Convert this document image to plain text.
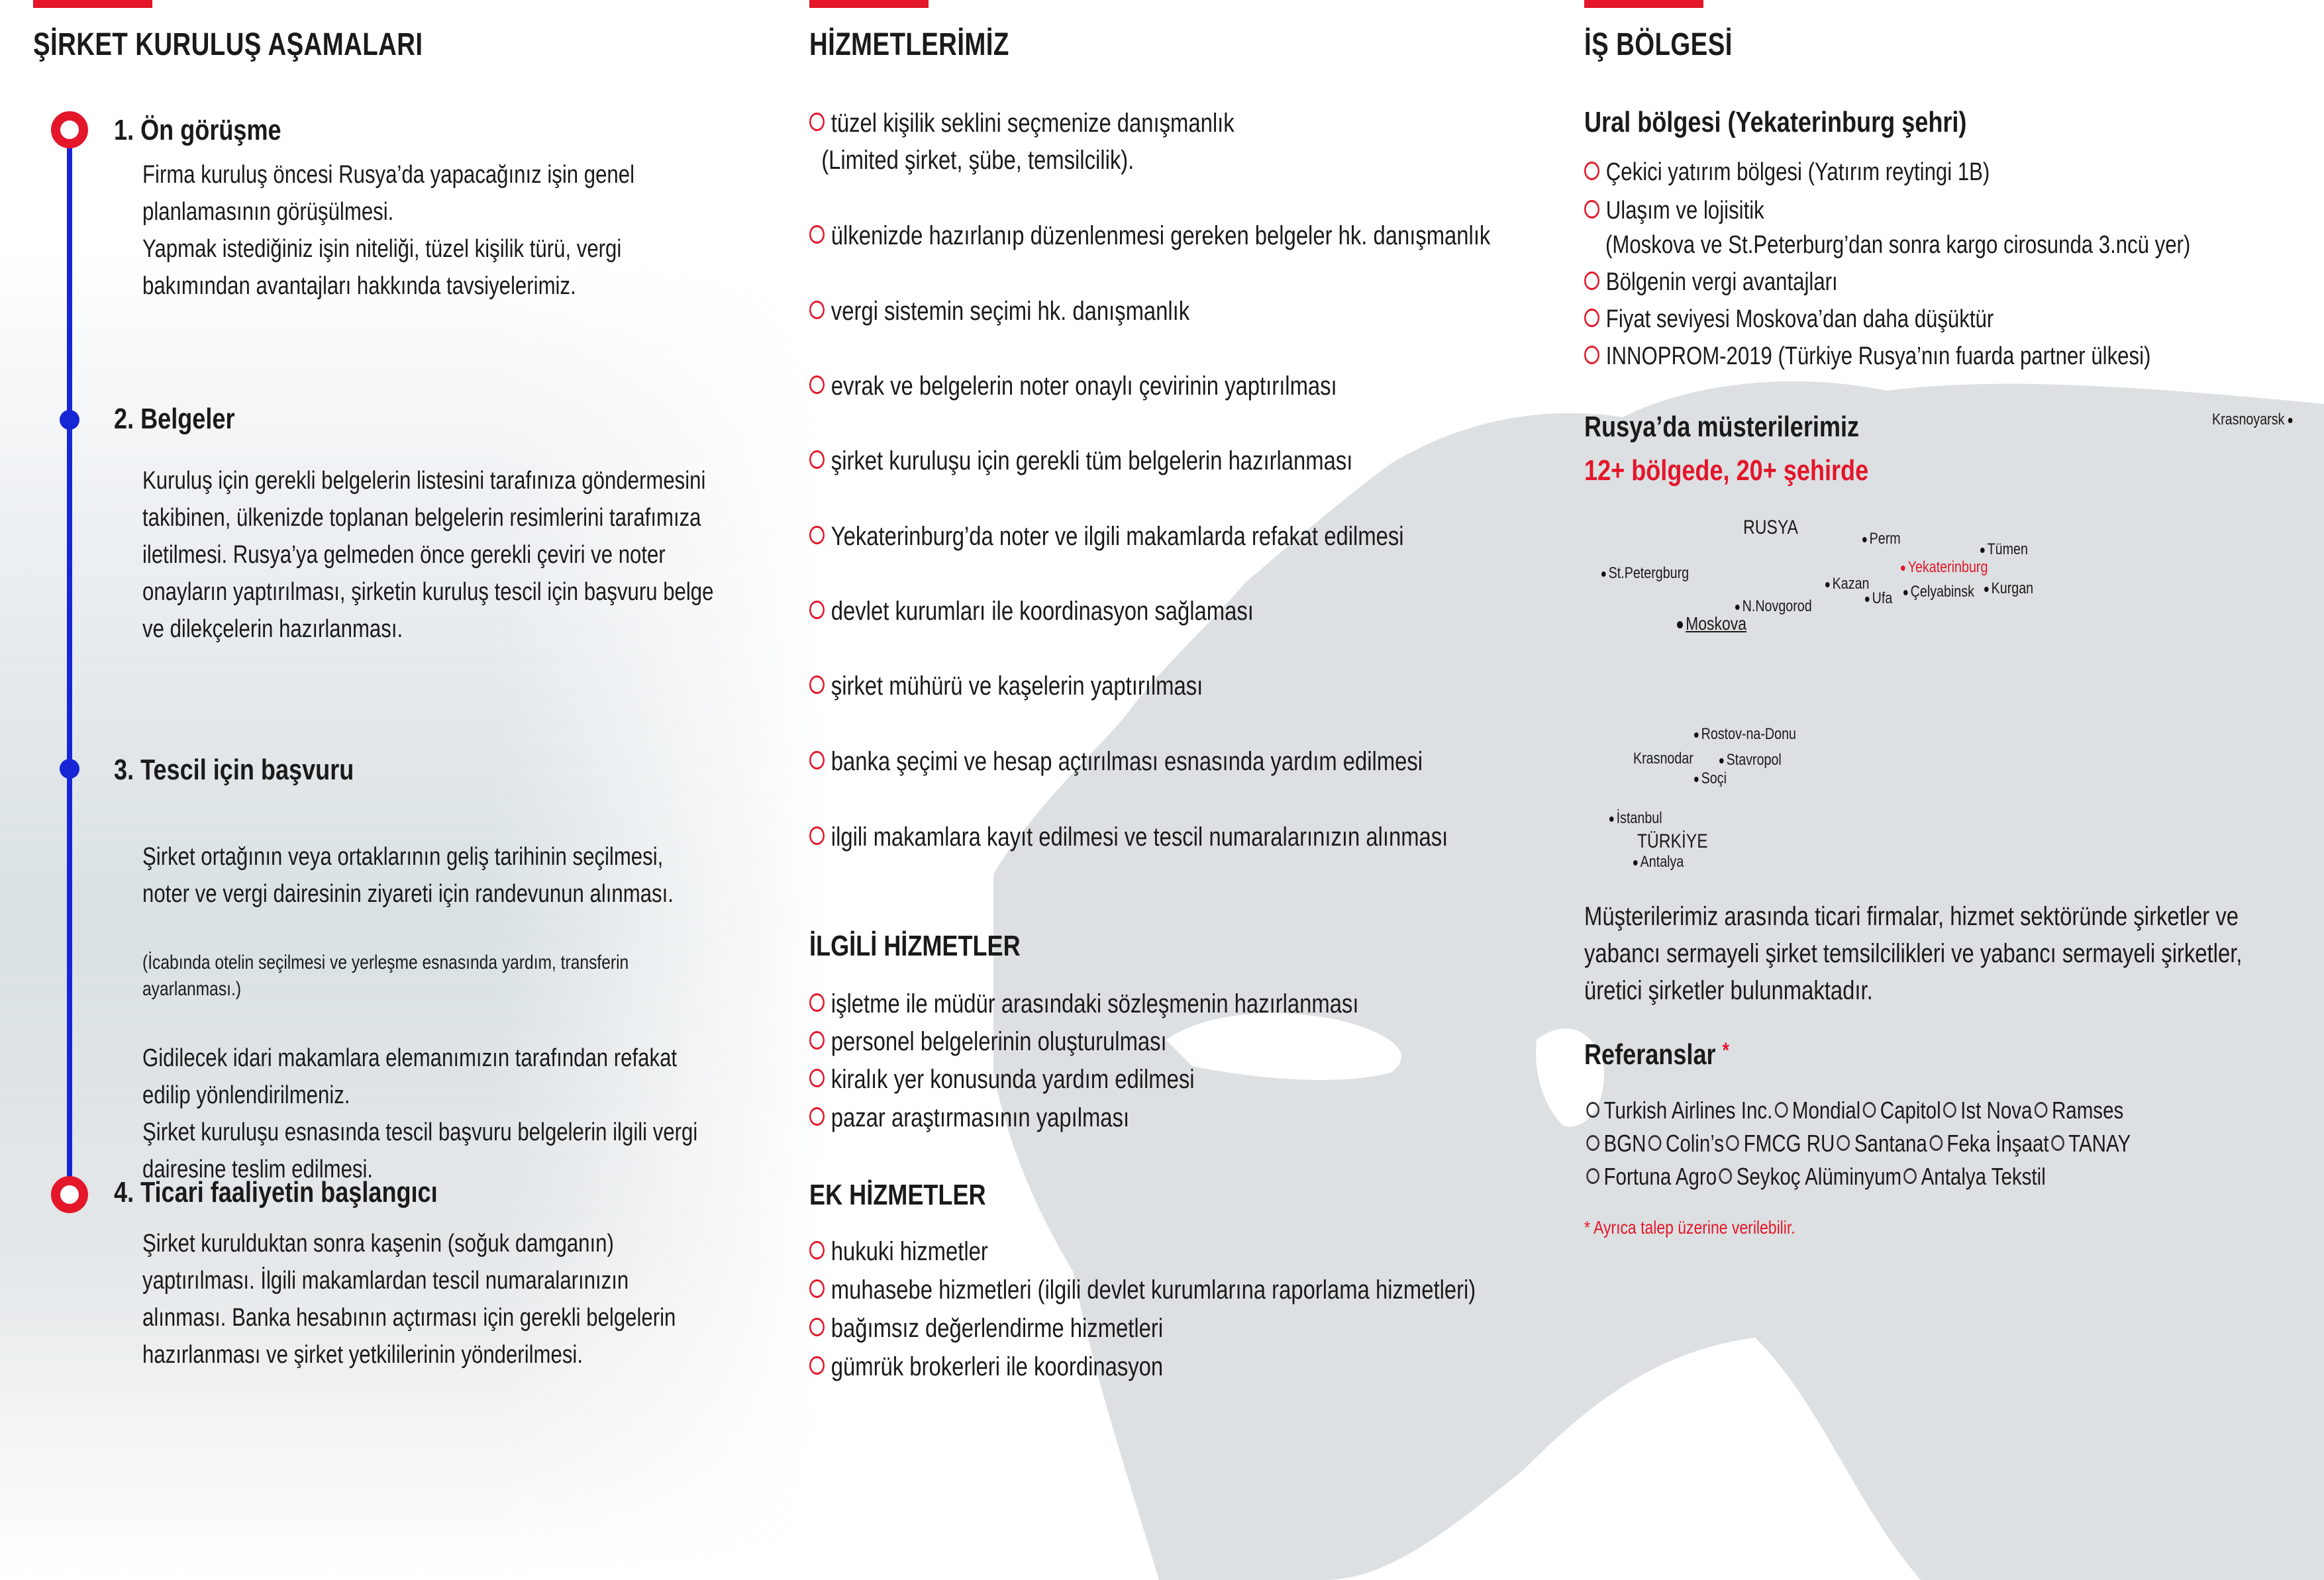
ŞİRKET KURULUŞ AŞAMALARI	HİZMETLERİMİZ	İŞ BÖLGESİ
1. Ön görüşme
Firma kuruluş öncesi Rusya’da yapacağınız işin genel
planlamasının görüşülmesi.
Yapmak istediğiniz işin niteliği, tüzel kişilik türü, vergi
bakımından avantajları hakkında tavsiyelerimiz.
2. Belgeler
Kuruluş için gerekli belgelerin listesini tarafınıza göndermesini
takibinen, ülkenizde toplanan belgelerin resimlerini tarafımıza
iletilmesi. Rusya’ya gelmeden önce gerekli çeviri ve noter
onayların yaptırılması, şirketin kuruluş tescil için başvuru belge
ve dilekçelerin hazırlanması.
3. Tescil için başvuru

Şirket ortağının veya ortaklarının geliş tarihinin seçilmesi,
noter ve vergi dairesinin ziyareti için randevunun alınması.

(İcabında otelin seçilmesi ve yerleşme esnasında yardım, transferin
ayarlanması.)

Gidilecek idari makamlara elemanımızın tarafından refakat
edilip yönlendirilmeniz.
Şirket kuruluşu esnasında tescil başvuru belgelerin ilgili vergi
dairesine teslim edilmesi.

4. Ticari faaliyetin başlangıcı
Şirket kurulduktan sonra kaşenin (soğuk damganın)
yaptırılması. İlgili makamlardan tescil numaralarınızın
alınması. Banka hesabının açtırması için gerekli belgelerin
hazırlanması ve şirket yetkililerinin yönderilmesi.
tüzel kişilik seklini seçmenize danışmanlık
(Limited şirket, şübe, temsilcilik).
ülkenizde hazırlanıp düzenlenmesi gereken belgeler hk. danışmanlık
vergi sistemin seçimi hk. danışmanlık
evrak ve belgelerin noter onaylı çevirinin yaptırılması
şirket kuruluşu için gerekli tüm belgelerin hazırlanması
Yekaterinburg’da noter ve ilgili makamlarda refakat edilmesi
devlet kurumları ile koordinasyon sağlaması
şirket mühürü ve kaşelerin yaptırılması
banka şeçimi ve hesap açtırılması esnasında yardım edilmesi
ilgili makamlara kayıt edilmesi ve tescil numaralarınızın alınması
İLGİLİ HİZMETLER
işletme ile müdür arasındaki sözleşmenin hazırlanması
personel belgelerinin oluşturulması
kiralık yer konusunda yardım edilmesi
pazar araştırmasının yapılması
EK HİZMETLER
hukuki hizmetler
muhasebe hizmetleri (ilgili devlet kurumlarına raporlama hizmetleri)
bağımsız değerlendirme hizmetleri
gümrük brokerleri ile koordinasyon
Ural bölgesi (Yekaterinburg şehri)
Çekici yatırım bölgesi (Yatırım reytingi 1B)
Ulaşım ve lojisitik
(Moskova ve St.Peterburg’dan sonra kargo cirosunda 3.ncü yer)
Bölgenin vergi avantajları
Fiyat seviyesi Moskova’dan daha düşüktür
INNOPROM-2019 (Türkiye Rusya’nın fuarda partner ülkesi)
Rusya’da müsterilerimiz
12+ bölgede, 20+ şehirde
RUSYA
TÜRKİYE
Krasnoyarsk
Perm
Tümen
Yekaterinburg
St.Petergburg
Kazan	Çelyabinsk	Kurgan
Ufa
N.Novgorod
Moskova
Rostov-na-Donu
Krasnodar	Stavropol
Soçi
İstanbul
Antalya
Müşterilerimiz arasında ticari firmalar, hizmet sektöründe şirketler ve
yabancı sermayeli şirket temsilcilikleri ve yabancı sermayeli şirketler,
üretici şirketler bulunmaktadır.
Referanslar *
Turkish Airlines Inc. Mondial Capitol Ist Nova Ramses
BGN Colin’s FMCG RU Santana Feka İnşaat TANAY
Fortuna Agro Seykoç Alüminyum Antalya Tekstil
* Ayrıca talep üzerine verilebilir.
